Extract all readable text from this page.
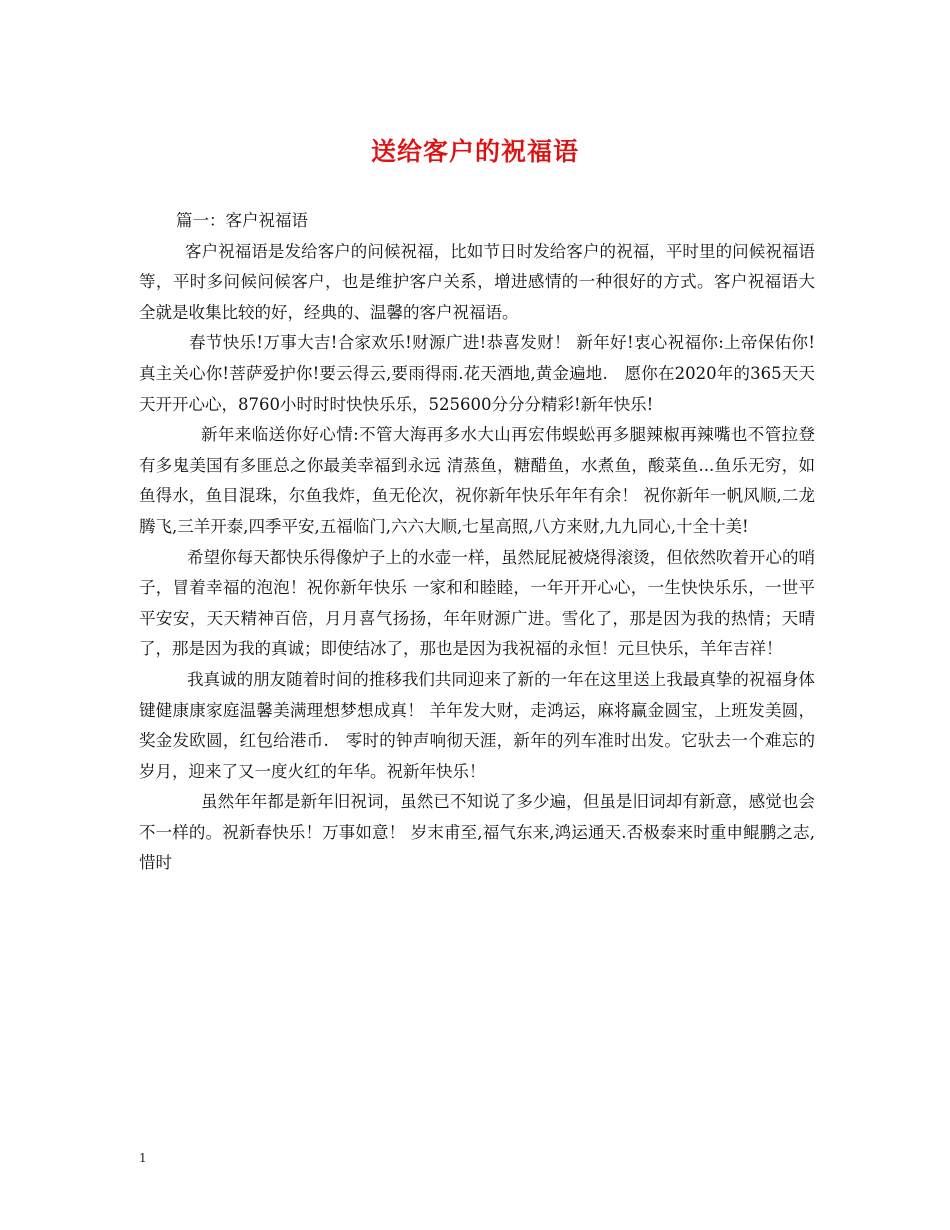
送给客户的祝福语

篇一：客户祝福语

客户祝福语是发给客户的问候祝福，比如节日时发给客户的祝福，平时里的问候祝福语等，平时多问候问候客户，也是维护客户关系，增进感情的一种很好的方式。客户祝福语大全就是收集比较的好，经典的、温馨的客户祝福语。

春节快乐!万事大吉!合家欢乐!财源广进!恭喜发财！ 新年好!衷心祝福你:上帝保佑你!真主关心你!菩萨爱护你!要云得云,要雨得雨.花天酒地,黄金遍地.　愿你在2020年的365天天天开开心心，8760小时时时快快乐乐，525600分分分精彩!新年快乐!

新年来临送你好心情:不管大海再多水大山再宏伟蜈蚣再多腿辣椒再辣嘴也不管拉登有多鬼美国有多匪总之你最美幸福到永远 清蒸鱼，糖醋鱼，水煮鱼，酸菜鱼...鱼乐无穷，如鱼得水，鱼目混珠，尔鱼我炸，鱼无伦次，祝你新年快乐年年有余！ 祝你新年一帆风顺,二龙腾飞,三羊开泰,四季平安,五福临门,六六大顺,七星高照,八方来财,九九同心,十全十美!

希望你每天都快乐得像炉子上的水壶一样，虽然屁屁被烧得滚烫，但依然吹着开心的哨子，冒着幸福的泡泡！祝你新年快乐 一家和和睦睦，一年开开心心，一生快快乐乐，一世平平安安，天天精神百倍，月月喜气扬扬，年年财源广进。雪化了，那是因为我的热情；天晴了，那是因为我的真诚；即使结冰了，那也是因为我祝福的永恒！元旦快乐，羊年吉祥！

我真诚的朋友随着时间的推移我们共同迎来了新的一年在这里送上我最真挚的祝福身体键健康康家庭温馨美满理想梦想成真！ 羊年发大财，走鸿运，麻将赢金圆宝，上班发美圆，奖金发欧圆，红包给港币.　零时的钟声响彻天涯，新年的列车准时出发。它驮去一个难忘的岁月，迎来了又一度火红的年华。祝新年快乐！

虽然年年都是新年旧祝词，虽然已不知说了多少遍，但虽是旧词却有新意，感觉也会不一样的。祝新春快乐！万事如意！ 岁末甫至,福气东来,鸿运通天.否极泰来时重申鲲鹏之志,惜时

1
